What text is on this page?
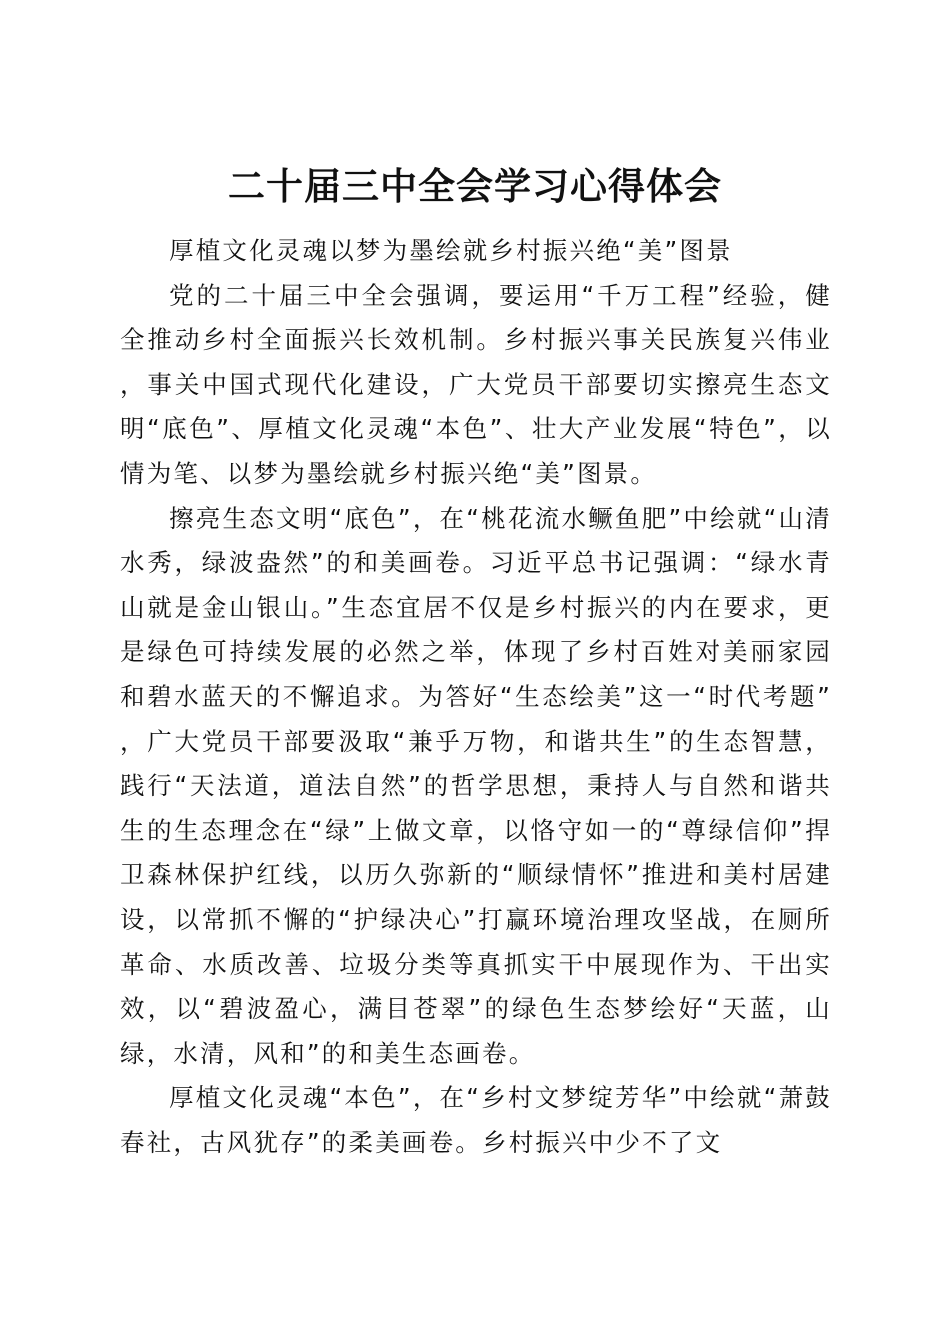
二十届三中全会学习心得体会

厚植文化灵魂以梦为墨绘就乡村振兴绝“美”图景

党的二十届三中全会强调，要运用“千万工程”经验，健全推动乡村全面振兴长效机制。乡村振兴事关民族复兴伟业，事关中国式现代化建设，广大党员干部要切实擦亮生态文明“底色”、厚植文化灵魂“本色”、壮大产业发展“特色”，以情为笔、以梦为墨绘就乡村振兴绝“美”图景。

擦亮生态文明“底色”，在“桃花流水鳜鱼肥”中绘就“山清水秀，绿波盎然”的和美画卷。习近平总书记强调：“绿水青山就是金山银山。”生态宜居不仅是乡村振兴的内在要求，更是绿色可持续发展的必然之举，体现了乡村百姓对美丽家园和碧水蓝天的不懈追求。为答好“生态绘美”这一“时代考题”，广大党员干部要汲取“兼乎万物，和谐共生”的生态智慧，践行“天法道，道法自然”的哲学思想，秉持人与自然和谐共生的生态理念在“绿”上做文章，以恪守如一的“尊绿信仰”捍卫森林保护红线，以历久弥新的“顺绿情怀”推进和美村居建设，以常抓不懈的“护绿决心”打赢环境治理攻坚战，在厕所革命、水质改善、垃圾分类等真抓实干中展现作为、干出实效，以“碧波盈心，满目苍翠”的绿色生态梦绘好“天蓝，山绿，水清，风和”的和美生态画卷。

厚植文化灵魂“本色”，在“乡村文梦绽芳华”中绘就“萧鼓春社，古风犹存”的柔美画卷。乡村振兴中少不了文
